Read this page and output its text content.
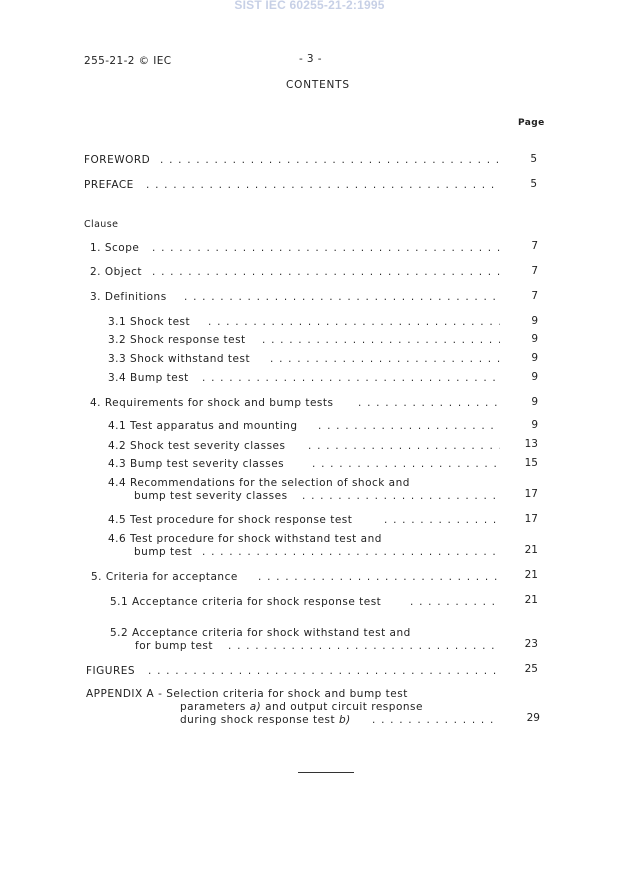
SIST IEC 60255-21-2:1995
255-21-2 © IEC	- 3 -
CONTENTS
Page
FOREWORD . . .	5
PREFACE . . .	5
Clause
1. Scope . . .	7
2. Object . . .	7
3. Definitions . . .	7
3.1 Shock test . . .	9
3.2 Shock response test . . .	9
3.3 Shock withstand test . . .	9
3.4 Bump test . . .	9
4. Requirements for shock and bump tests . . .	9
4.1 Test apparatus and mounting . . .	9
4.2 Shock test severity classes . . .	13
4.3 Bump test severity classes . . .	15
4.4 Recommendations for the selection of shock and
bump test severity classes . . .	17
4.5 Test procedure for shock response test . . .	17
4.6 Test procedure for shock withstand test and
bump test . . .	21
5. Criteria for acceptance . . .	21
5.1 Acceptance criteria for shock response test . . .	21
5.2 Acceptance criteria for shock withstand test and
for bump test . . .	23
FIGURES . . .	25
APPENDIX A - Selection criteria for shock and bump test
parameters a) and output circuit response
during shock response test b) . . .	29
